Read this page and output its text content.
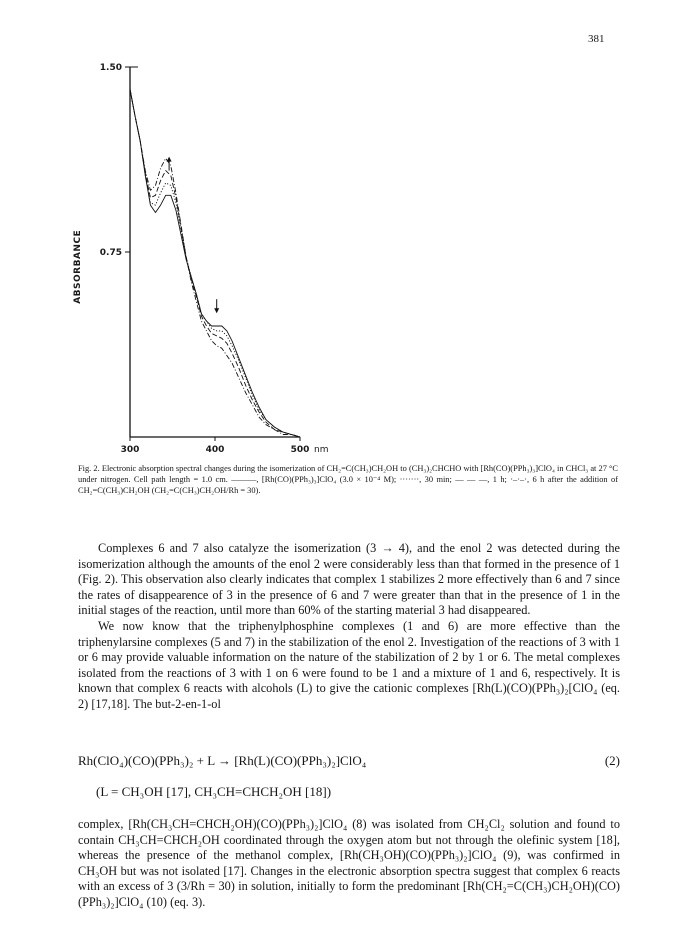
381
0.75
1.50
300	400	500 nm
ABSORBANCE

Fig. 2. Electronic absorption spectral changes during the isomerization of CH₂=C(CH₃)CH₂OH to (CH₃)₂CHCHO with [Rh(CO)(PPh₃)₃]ClO₄ in CHCl₃ at 27 °C under nitrogen. Cell path length = 1.0 cm. ———, [Rh(CO)(PPh₃)₃]ClO₄ (3.0 × 10⁻⁴ M); ·······, 30 min; — — —, 1 h; ·–·–·, 6 h after the addition of CH₂=C(CH₃)CH₂OH (CH₂=C(CH₃)CH₂OH/Rh = 30).

Complexes 6 and 7 also catalyze the isomerization (3 → 4), and the enol 2 was detected during the isomerization although the amounts of the enol 2 were considerably less than that formed in the presence of 1 (Fig. 2). This observation also clearly indicates that complex 1 stabilizes 2 more effectively than 6 and 7 since the rates of disappearence of 3 in the presence of 6 and 7 were greater than that in the presence of 1 in the initial stages of the reaction, until more than 60% of the starting material 3 had disappeared.

We now know that the triphenylphosphine complexes (1 and 6) are more effective than the triphenylarsine complexes (5 and 7) in the stabilization of the enol 2. Investigation of the reactions of 3 with 1 or 6 may provide valuable information on the nature of the stabilization of 2 by 1 or 6. The metal complexes isolated from the reactions of 3 with 1 on 6 were found to be 1 and a mixture of 1 and 6, respectively. It is known that complex 6 reacts with alcohols (L) to give the cationic complexes [Rh(L)(CO)(PPh₃)₂[ClO₄ (eq. 2) [17,18]. The but-2-en-1-ol

Rh(ClO₄)(CO)(PPh₃)₂ + L → [Rh(L)(CO)(PPh₃)₂]ClO₄	(2)
(L = CH₃OH [17], CH₃CH=CHCH₂OH [18])

complex, [Rh(CH₃CH=CHCH₂OH)(CO)(PPh₃)₂]ClO₄ (8) was isolated from CH₂Cl₂ solution and found to contain CH₃CH=CHCH₂OH coordinated through the oxygen atom but not through the olefinic system [18], whereas the presence of the methanol complex, [Rh(CH₃OH)(CO)(PPh₃)₂]ClO₄ (9), was confirmed in CH₃OH but was not isolated [17]. Changes in the electronic absorption spectra suggest that complex 6 reacts with an excess of 3 (3/Rh = 30) in solution, initially to form the predominant [Rh(CH₂=C(CH₃)CH₂OH)(CO)(PPh₃)₂]ClO₄ (10) (eq. 3).
